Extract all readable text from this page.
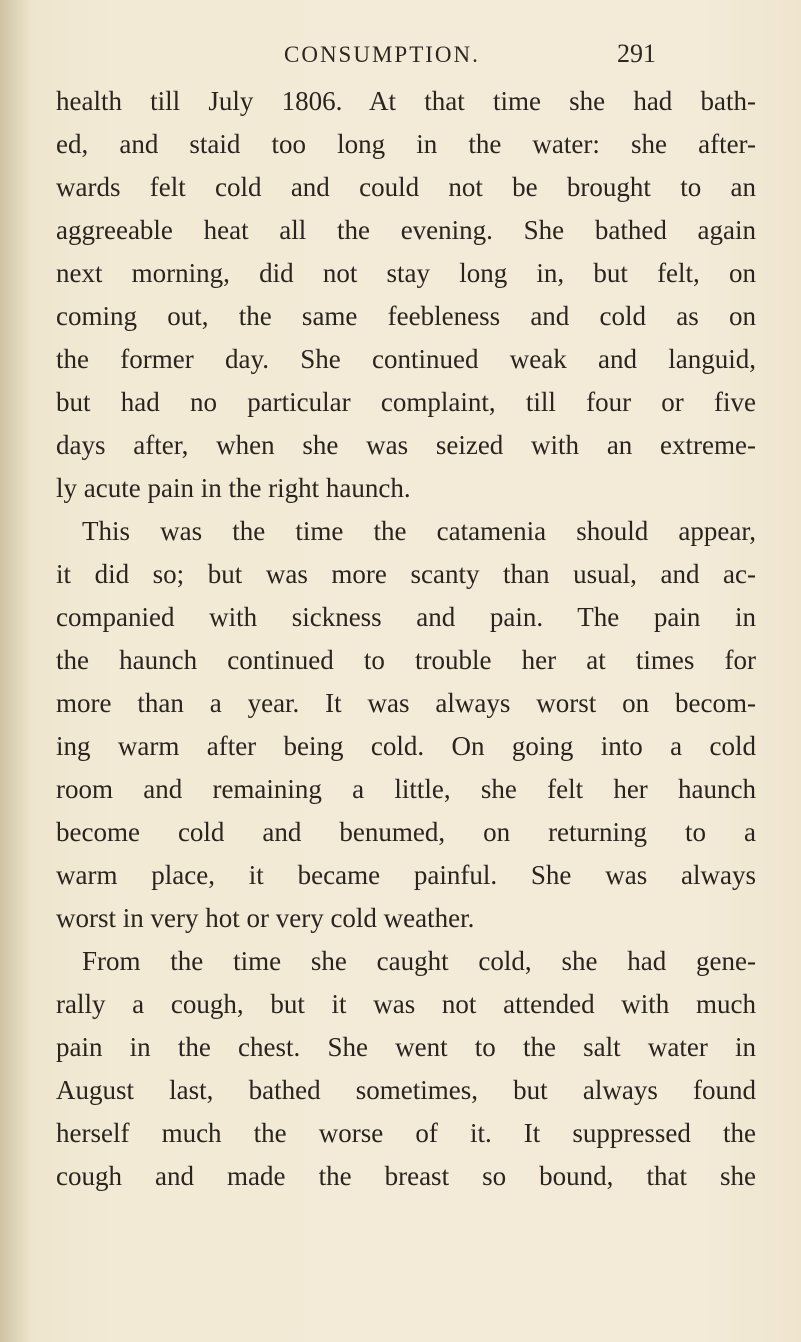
CONSUMPTION.	291
health till July 1806. At that time she had bath-
ed, and staid too long in the water: she after-
wards felt cold and could not be brought to an
aggreeable heat all the evening. She bathed again
next morning, did not stay long in, but felt, on
coming out, the same feebleness and cold as on
the former day. She continued weak and languid,
but had no particular complaint, till four or five
days after, when she was seized with an extreme-
ly acute pain in the right haunch.
This was the time the catamenia should appear,
it did so; but was more scanty than usual, and ac-
companied with sickness and pain. The pain in
the haunch continued to trouble her at times for
more than a year. It was always worst on becom-
ing warm after being cold. On going into a cold
room and remaining a little, she felt her haunch
become cold and benumed, on returning to a
warm place, it became painful. She was always
worst in very hot or very cold weather.
From the time she caught cold, she had gene-
rally a cough, but it was not attended with much
pain in the chest. She went to the salt water in
August last, bathed sometimes, but always found
herself much the worse of it. It suppressed the
cough and made the breast so bound, that she
